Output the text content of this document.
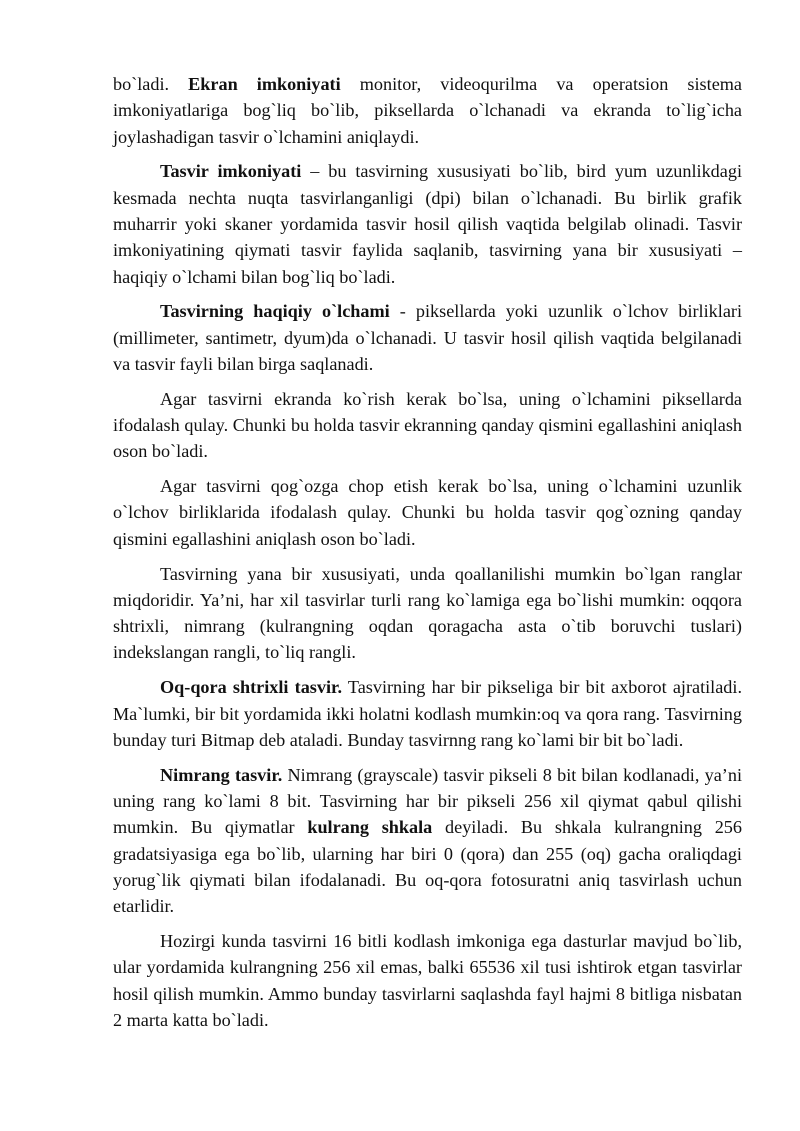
bo`ladi. Ekran imkoniyati monitor, videoqurilma va operatsion sistema imkoniyatlariga bog`liq bo`lib, piksellarda o`lchanadi va ekranda to`lig`icha joylashadigan tasvir o`lchamini aniqlaydi.

Tasvir imkoniyati – bu tasvirning xususiyati bo`lib, bird yum uzunlikdagi kesmada nechta nuqta tasvirlanganligi (dpi) bilan o`lchanadi. Bu birlik grafik muharrir yoki skaner yordamida tasvir hosil qilish vaqtida belgilab olinadi. Tasvir imkoniyatining qiymati tasvir faylida saqlanib, tasvirning yana bir xususiyati – haqiqiy o`lchami bilan bog`liq bo`ladi.

Tasvirning haqiqiy o`lchami - piksellarda yoki uzunlik o`lchov birliklari (millimeter, santimetr, dyum)da o`lchanadi. U tasvir hosil qilish vaqtida belgilanadi va tasvir fayli bilan birga saqlanadi.

Agar tasvirni ekranda ko`rish kerak bo`lsa, uning o`lchamini piksellarda ifodalash qulay. Chunki bu holda tasvir ekranning qanday qismini egallashini aniqlash oson bo`ladi.

Agar tasvirni qog`ozga chop etish kerak bo`lsa, uning o`lchamini uzunlik o`lchov birliklarida ifodalash qulay. Chunki bu holda tasvir qog`ozning qanday qismini egallashini aniqlash oson bo`ladi.

Tasvirning yana bir xususiyati, unda qoallanilishi mumkin bo`lgan ranglar miqdoridir. Ya’ni, har xil tasvirlar turli rang ko`lamiga ega bo`lishi mumkin: oqqora shtrixli, nimrang (kulrangning oqdan qoragacha asta o`tib boruvchi tuslari) indekslangan rangli, to`liq rangli.

Oq-qora shtrixli tasvir. Tasvirning har bir pikseliga bir bit axborot ajratiladi. Ma`lumki, bir bit yordamida ikki holatni kodlash mumkin:oq va qora rang. Tasvirning bunday turi Bitmap deb ataladi. Bunday tasvirnng rang ko`lami bir bit bo`ladi.

Nimrang tasvir. Nimrang (grayscale) tasvir pikseli 8 bit bilan kodlanadi, ya’ni uning rang ko`lami 8 bit. Tasvirning har bir pikseli 256 xil qiymat qabul qilishi mumkin. Bu qiymatlar kulrang shkala deyiladi. Bu shkala kulrangning 256 gradatsiyasiga ega bo`lib, ularning har biri 0 (qora) dan 255 (oq) gacha oraliqdagi yorug`lik qiymati bilan ifodalanadi. Bu oq-qora fotosuratni aniq tasvirlash uchun etarlidir.

Hozirgi kunda tasvirni 16 bitli kodlash imkoniga ega dasturlar mavjud bo`lib, ular yordamida kulrangning 256 xil emas, balki 65536 xil tusi ishtirok etgan tasvirlar hosil qilish mumkin. Ammo bunday tasvirlarni saqlashda fayl hajmi 8 bitliga nisbatan 2 marta katta bo`ladi.
